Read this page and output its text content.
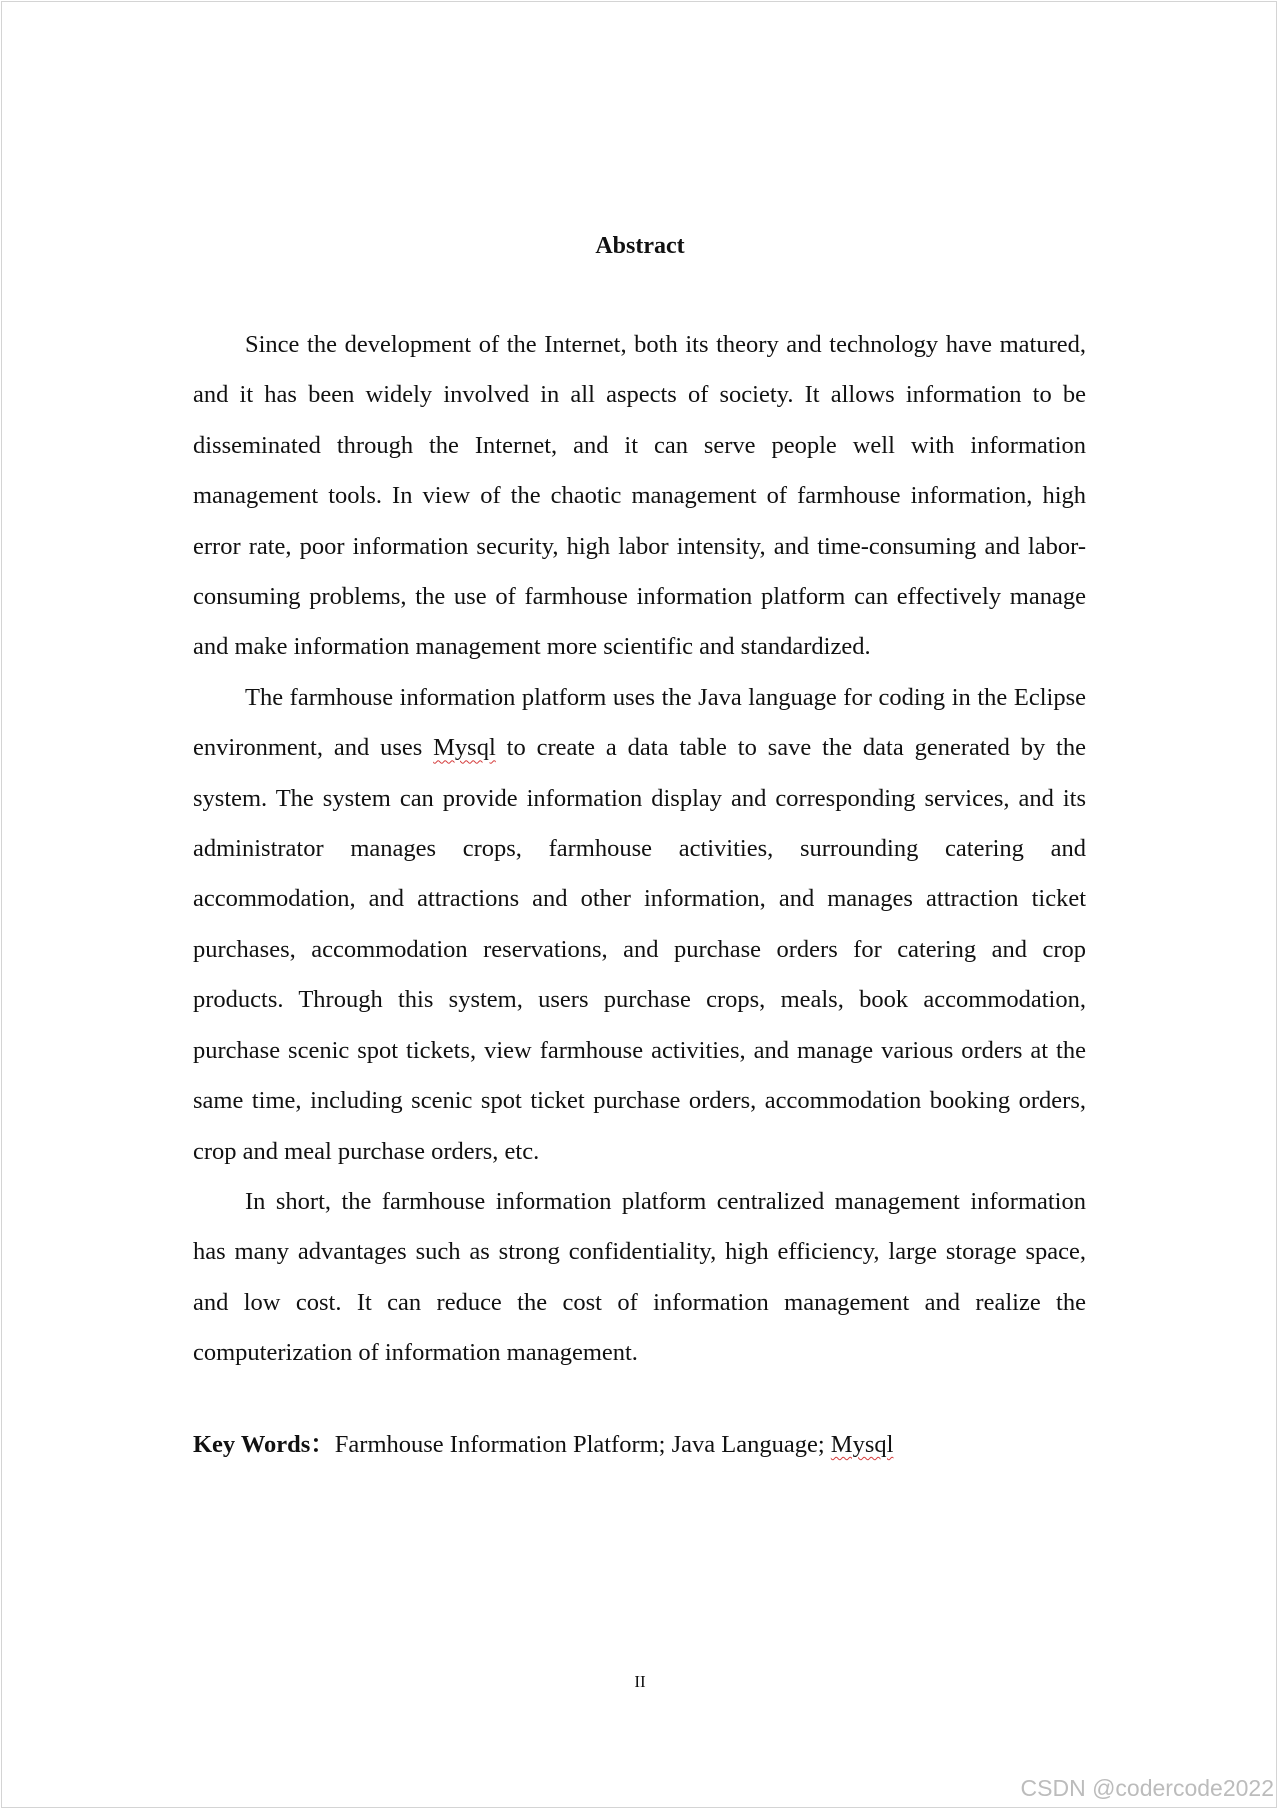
Abstract

Since the development of the Internet, both its theory and technology have matured, and it has been widely involved in all aspects of society. It allows information to be disseminated through the Internet, and it can serve people well with information management tools. In view of the chaotic management of farmhouse information, high error rate, poor information security, high labor intensity, and time-consuming and labor-consuming problems, the use of farmhouse information platform can effectively manage and make information management more scientific and standardized.

The farmhouse information platform uses the Java language for coding in the Eclipse environment, and uses Mysql to create a data table to save the data generated by the system. The system can provide information display and corresponding services, and its administrator manages crops, farmhouse activities, surrounding catering and accommodation, and attractions and other information, and manages attraction ticket purchases, accommodation reservations, and purchase orders for catering and crop products. Through this system, users purchase crops, meals, book accommodation, purchase scenic spot tickets, view farmhouse activities, and manage various orders at the same time, including scenic spot ticket purchase orders, accommodation booking orders, crop and meal purchase orders, etc.

In short, the farmhouse information platform centralized management information has many advantages such as strong confidentiality, high efficiency, large storage space, and low cost. It can reduce the cost of information management and realize the computerization of information management.

Key Words：Farmhouse Information Platform; Java Language; Mysql
II
CSDN @codercode2022
